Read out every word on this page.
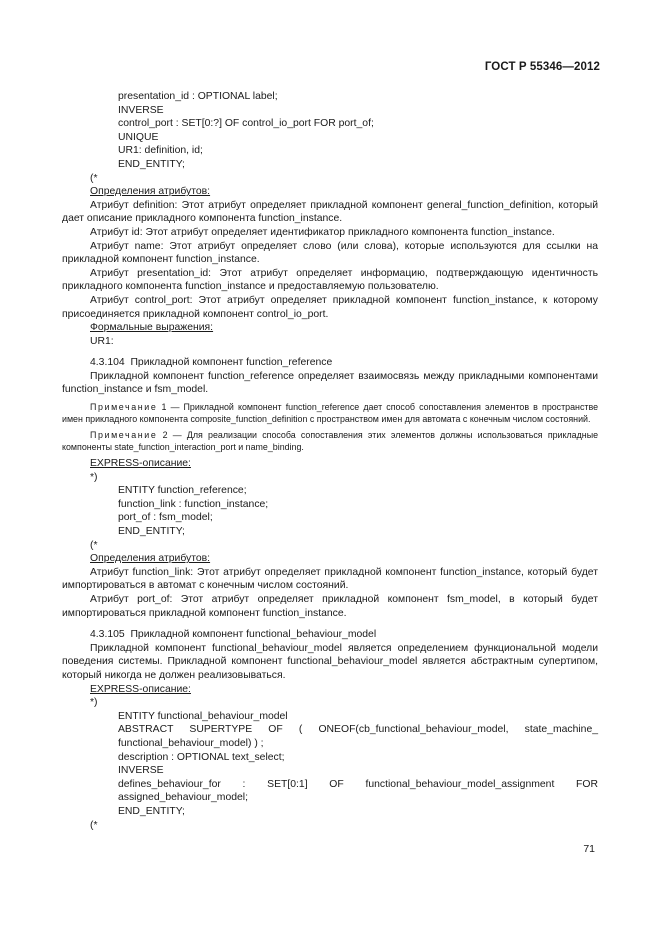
ГОСТ Р 55346—2012
presentation_id : OPTIONAL label;
INVERSE
control_port : SET[0:?] OF control_io_port FOR port_of;
UNIQUE
UR1: definition, id;
END_ENTITY;
(*
Определения атрибутов:

Атрибут definition: Этот атрибут определяет прикладной компонент general_function_definition, который дает описание прикладного компонента function_instance.

Атрибут id: Этот атрибут определяет идентификатор прикладного компонента function_instance.

Атрибут name: Этот атрибут определяет слово (или слова), которые используются для ссылки на прикладной компонент function_instance.

Атрибут presentation_id: Этот атрибут определяет информацию, подтверждающую идентичность прикладного компонента function_instance и предоставляемую пользователю.

Атрибут control_port: Этот атрибут определяет прикладной компонент function_instance, к которому присоединяется прикладной компонент control_io_port.

Формальные выражения:
UR1:
4.3.104  Прикладной компонент function_reference

Прикладной компонент function_reference определяет взаимосвязь между прикладными компонентами function_instance и fsm_model.

Примечание 1 — Прикладной компонент function_reference дает способ сопоставления элементов в пространстве имен прикладного компонента composite_function_definition с пространством имен для автомата с конечным числом состояний.

Примечание 2 — Для реализации способа сопоставления этих элементов должны использоваться прикладные компоненты state_function_interaction_port и name_binding.

EXPRESS-описание:
*)
ENTITY function_reference;
function_link : function_instance;
port_of : fsm_model;
END_ENTITY;
(*
Определения атрибутов:

Атрибут function_link: Этот атрибут определяет прикладной компонент function_instance, который будет импортироваться в автомат с конечным числом состояний.

Атрибут port_of: Этот атрибут определяет прикладной компонент fsm_model, в который будет импортироваться прикладной компонент function_instance.

4.3.105  Прикладной компонент functional_behaviour_model

Прикладной компонент functional_behaviour_model является определением функциональной модели поведения системы. Прикладной компонент functional_behaviour_model является абстрактным супертипом, который никогда не должен реализовываться.

EXPRESS-описание:
*)
ENTITY functional_behaviour_model

ABSTRACT SUPERTYPE OF ( ONEOF(cb_functional_behaviour_model, state_machine_ functional_behaviour_model) ) ;

description : OPTIONAL text_select;
INVERSE

defines_behaviour_for : SET[0:1] OF functional_behaviour_model_assignment FOR assigned_behaviour_model;

END_ENTITY;
(*
71
